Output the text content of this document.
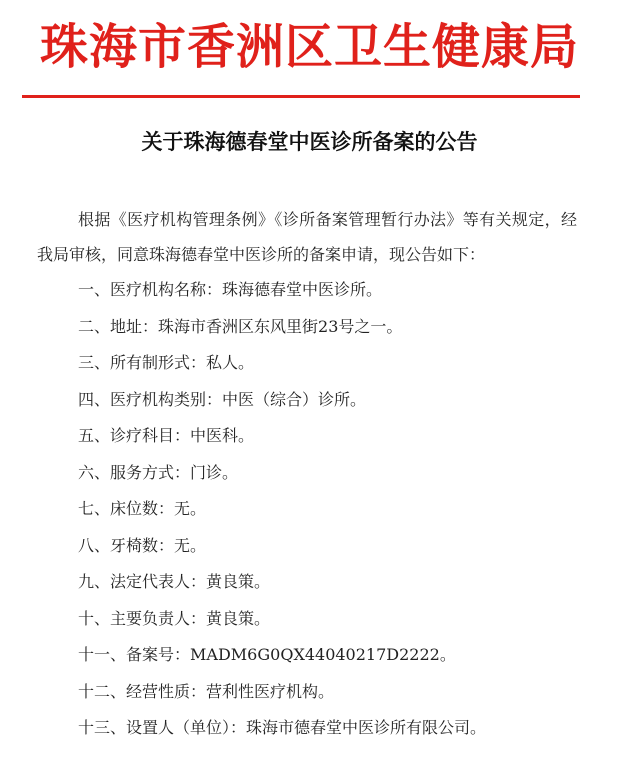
珠海市香洲区卫生健康局
关于珠海德春堂中医诊所备案的公告

根据《医疗机构管理条例》《诊所备案管理暂行办法》等有关规定，经我局审核，同意珠海德春堂中医诊所的备案申请，现公告如下：

一、医疗机构名称：珠海德春堂中医诊所。

二、地址：珠海市香洲区东风里街23号之一。

三、所有制形式：私人。

四、医疗机构类别：中医（综合）诊所。

五、诊疗科目：中医科。

六、服务方式：门诊。

七、床位数：无。

八、牙椅数：无。

九、法定代表人：黄良策。

十、主要负责人：黄良策。

十一、备案号：MADM6G0QX44040217D2222。

十二、经营性质：营利性医疗机构。

十三、设置人（单位）：珠海市德春堂中医诊所有限公司。
